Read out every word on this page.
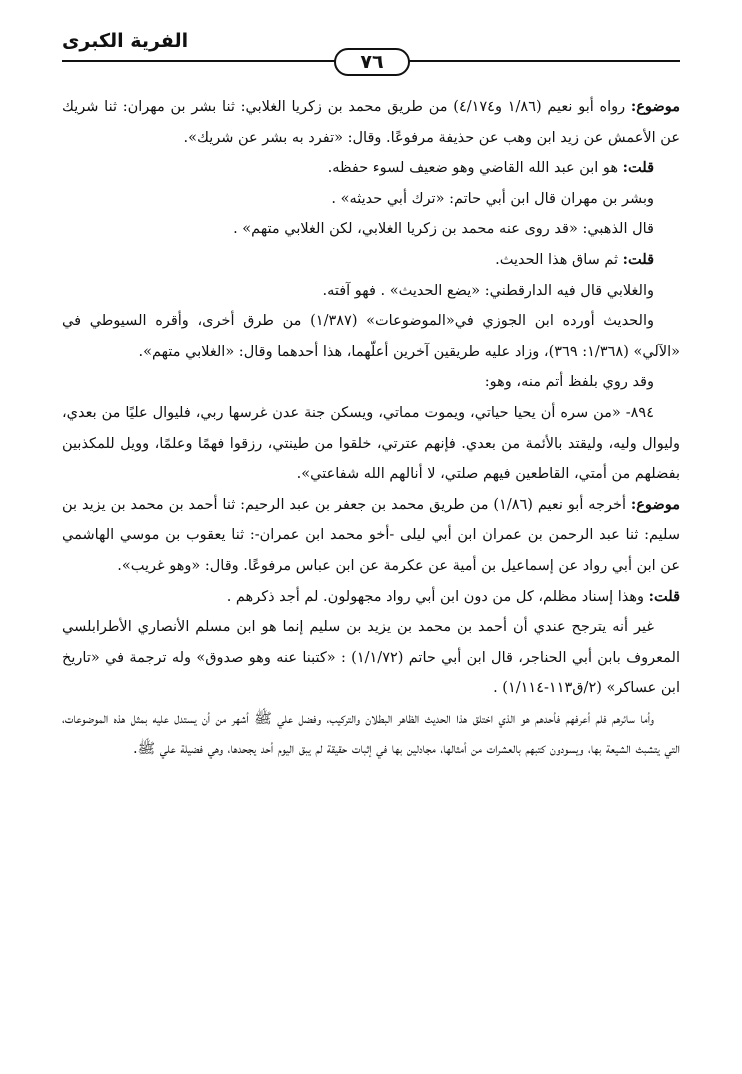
الفرية الكبرى
٧٦

موضوع: رواه أبو نعيم (١/٨٦ و٤/١٧٤) من طريق محمد بن زكريا الغلابي: ثنا بشر بن مهران: ثنا شريك عن الأعمش عن زيد ابن وهب عن حذيفة مرفوعًا. وقال: «تفرد به بشر عن شريك».

قلت: هو ابن عبد الله القاضي وهو ضعيف لسوء حفظه.

وبشر بن مهران قال ابن أبي حاتم: «ترك أبي حديثه» .

قال الذهبي: «قد روى عنه محمد بن زكريا الغلابي، لكن الغلابي متهم» .

قلت: ثم ساق هذا الحديث.

والغلابي قال فيه الدارقطني: «يضع الحديث» . فهو آفته.

والحديث أورده ابن الجوزي في«الموضوعات» (١/٣٨٧) من طرق أخرى، وأقره السيوطي في «الآلي» (١/٣٦٨: ٣٦٩)، وزاد عليه طريقين آخرين أعلّهما، هذا أحدهما وقال: «الغلابي متهم».

وقد روي بلفظ أتم منه، وهو:

٨٩٤- «من سره أن يحيا حياتي، ويموت مماتي، ويسكن جنة عدن غرسها ربي، فليوال عليًا من بعدي، وليوال وليه، وليقتد بالأئمة من بعدي. فإنهم عترتي، خلقوا من طينتي، رزقوا فهمًا وعلمًا، وويل للمكذبين بفضلهم من أمتي، القاطعين فيهم صلتي، لا أنالهم الله شفاعتي».

موضوع: أخرجه أبو نعيم (١/٨٦) من طريق محمد بن جعفر بن عبد الرحيم: ثنا أحمد بن محمد بن يزيد بن سليم: ثنا عبد الرحمن بن عمران ابن أبي ليلى -أخو محمد ابن عمران-: ثنا يعقوب بن موسي الهاشمي عن ابن أبي رواد عن إسماعيل بن أمية عن عكرمة عن ابن عباس مرفوعًا. وقال: «وهو غريب».

قلت: وهذا إسناد مظلم، كل من دون ابن أبي رواد مجهولون. لم أجد ذكرهم .

غير أنه يترجح عندي أن أحمد بن محمد بن يزيد بن سليم إنما هو ابن مسلم الأنصاري الأطرابلسي المعروف بابن أبي الحناجر، قال ابن أبي حاتم (١/١/٧٢) : «كتبنا عنه وهو صدوق» وله ترجمة في «تاريخ ابن عساكر» (٢/ق١١٣-١/١١٤) .

وأما سائرهم فلم أعرفهم فأحدهم هو الذي اختلق هذا الحديث الظاهر البطلان والتركيب، وفضل علي ﷺ أشهر من أن يستدل عليه بمثل هذه الموضوعات، التي يتشبث الشيعة بها، ويسودون كتبهم بالعشرات من أمثالها، مجادلين بها في إثبات حقيقة لم يبق اليوم أحد يجحدها، وهي فضيلة علي ﷺ.
